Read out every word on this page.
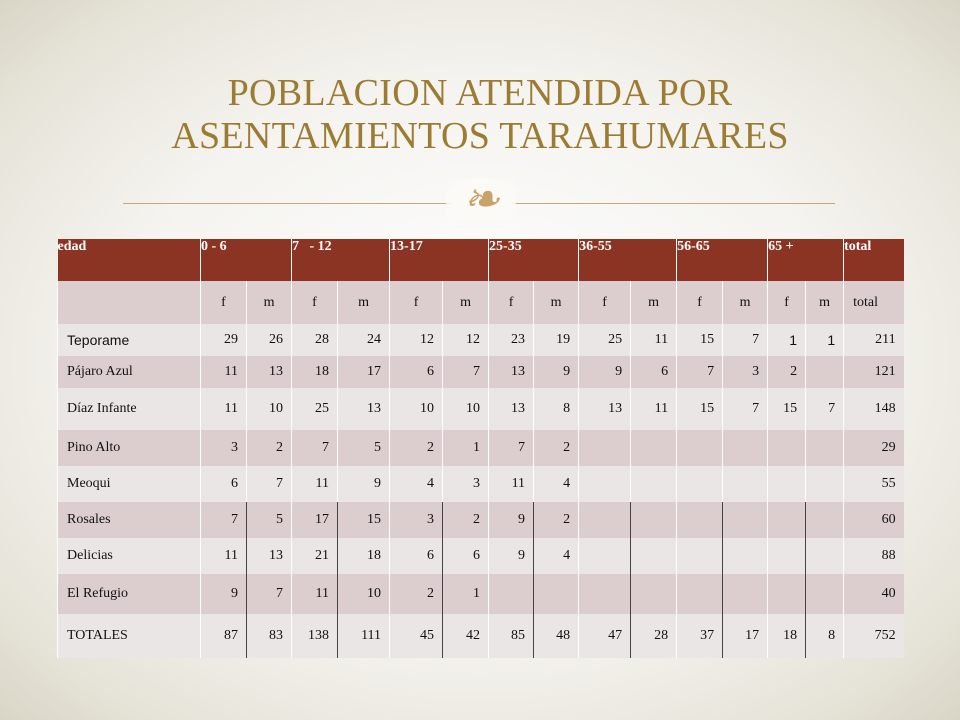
POBLACION ATENDIDA POR
ASENTAMIENTOS TARAHUMARES
❧
edad	0 - 6		7   - 12		13-17		25-35		36-55		56-65		65 +		total
	f	m	f	m	f	m	f	m	f	m	f	m	f	m	total
Teporame	29	26	28	24	12	12	23	19	25	11	15	7	1	1	211
Pájaro Azul	11	13	18	17	6	7	13	9	9	6	7	3	2		121
Díaz Infante	11	10	25	13	10	10	13	8	13	11	15	7	15	7	148
Pino Alto	3	2	7	5	2	1	7	2							29
Meoqui	6	7	11	9	4	3	11	4							55
Rosales	7	5	17	15	3	2	9	2							60
Delicias	11	13	21	18	6	6	9	4							88
El Refugio	9	7	11	10	2	1									40
TOTALES	87	83	138	111	45	42	85	48	47	28	37	17	18	8	752
